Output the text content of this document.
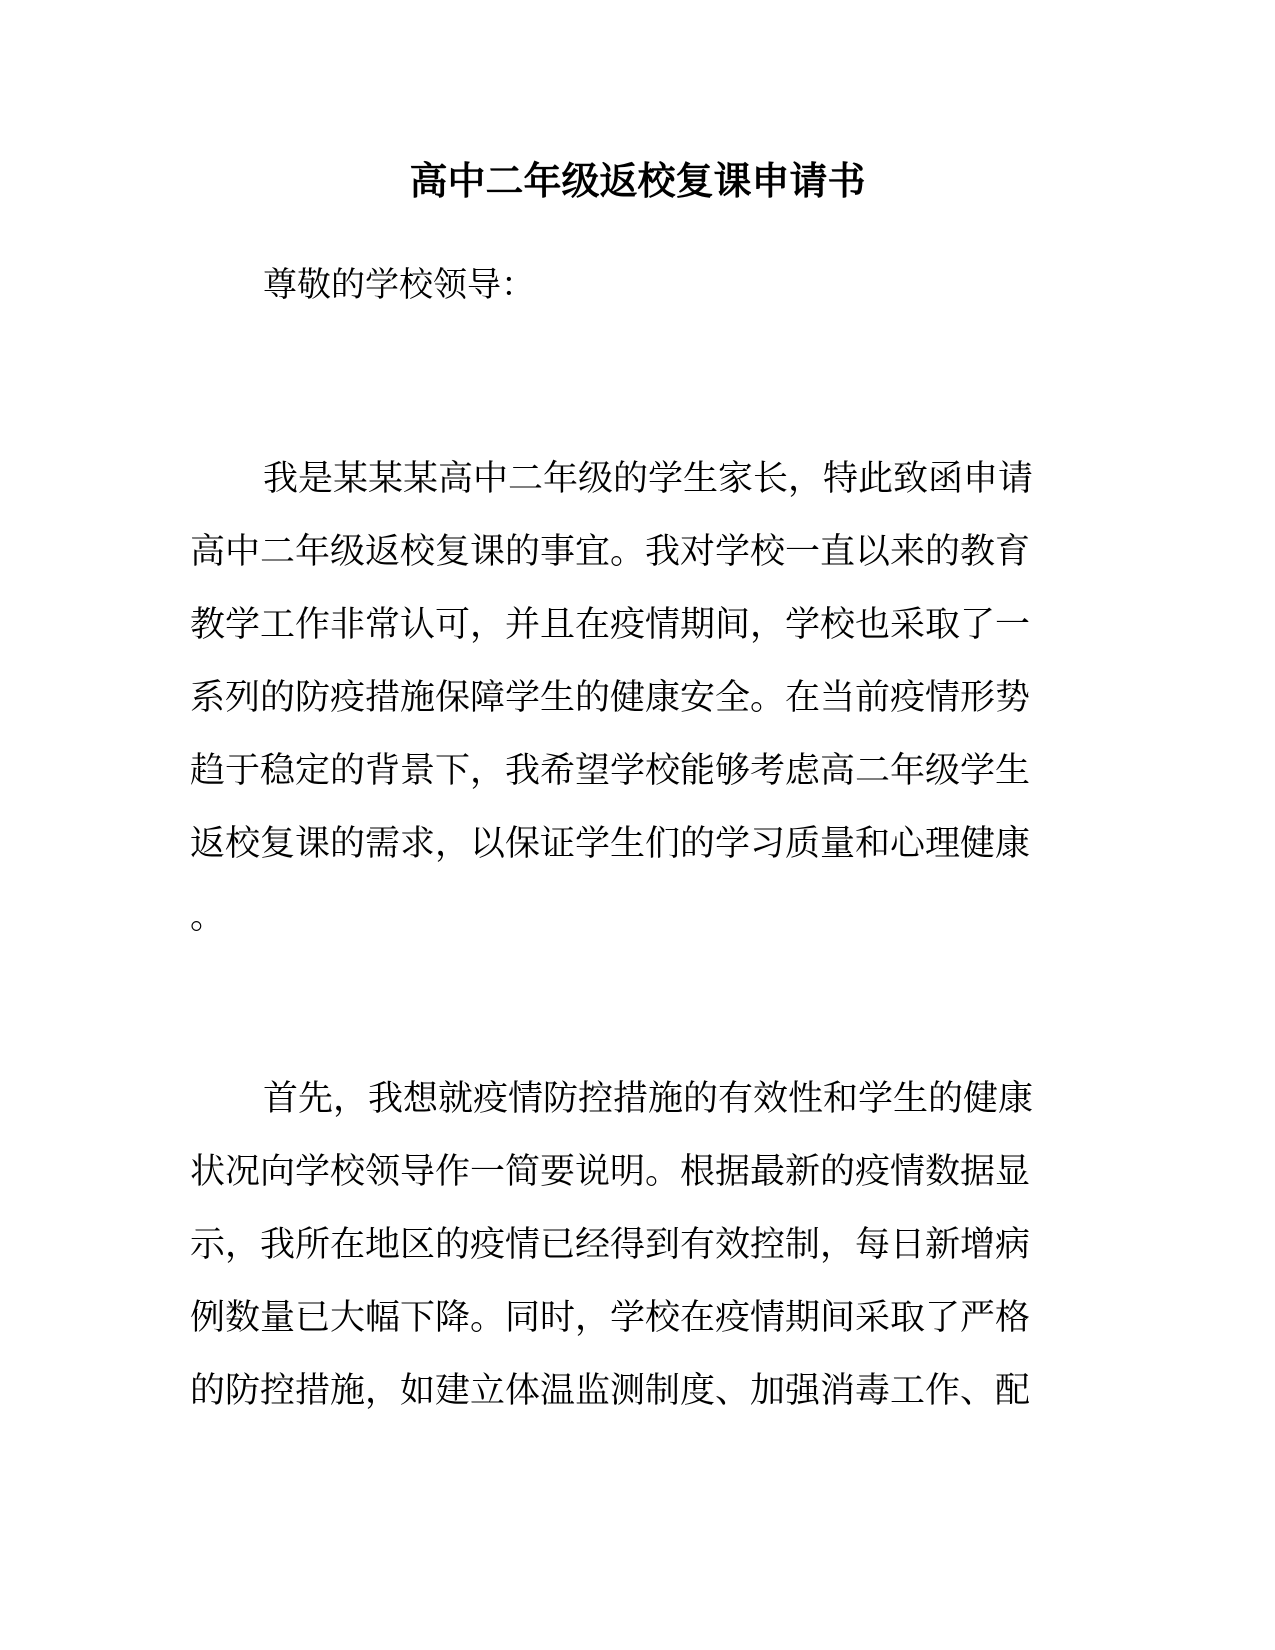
高中二年级返校复课申请书
尊敬的学校领导：
我是某某某高中二年级的学生家长，特此致函申请
高中二年级返校复课的事宜。我对学校一直以来的教育
教学工作非常认可，并且在疫情期间，学校也采取了一
系列的防疫措施保障学生的健康安全。在当前疫情形势
趋于稳定的背景下，我希望学校能够考虑高二年级学生
返校复课的需求，以保证学生们的学习质量和心理健康
。
首先，我想就疫情防控措施的有效性和学生的健康
状况向学校领导作一简要说明。根据最新的疫情数据显
示，我所在地区的疫情已经得到有效控制，每日新增病
例数量已大幅下降。同时，学校在疫情期间采取了严格
的防控措施，如建立体温监测制度、加强消毒工作、配
